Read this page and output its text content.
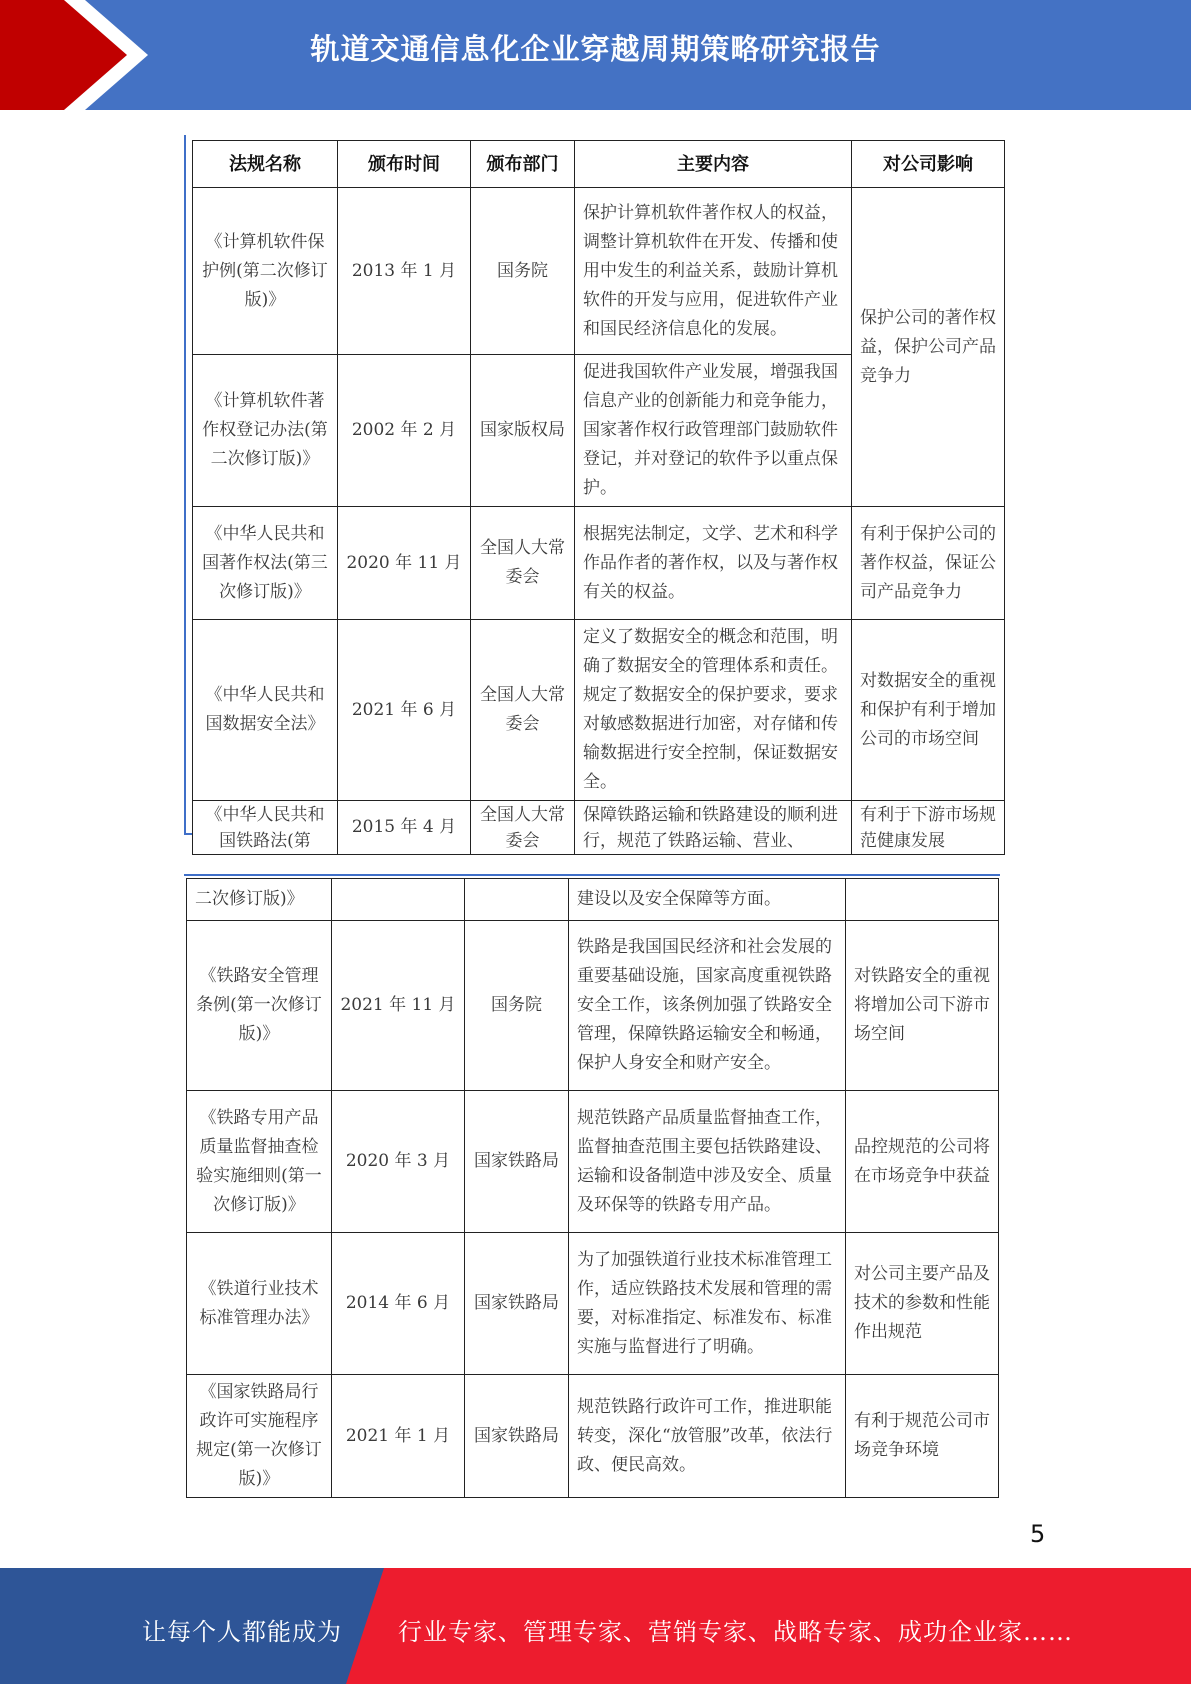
轨道交通信息化企业穿越周期策略研究报告
法规名称	颁布时间	颁布部门	主要内容	对公司影响
《计算机软件保护例(第二次修订版)》	2013 年 1 月	国务院	保护计算机软件著作权人的权益，调整计算机软件在开发、传播和使用中发生的利益关系，鼓励计算机软件的开发与应用，促进软件产业和国民经济信息化的发展。	保护公司的著作权益，保护公司产品竞争力
《计算机软件著作权登记办法(第二次修订版)》	2002 年 2 月	国家版权局	促进我国软件产业发展，增强我国信息产业的创新能力和竞争能力，国家著作权行政管理部门鼓励软件登记，并对登记的软件予以重点保护。	
《中华人民共和国著作权法(第三次修订版)》	2020 年 11 月	全国人大常委会	根据宪法制定，文学、艺术和科学作品作者的著作权，以及与著作权有关的权益。	有利于保护公司的著作权益，保证公司产品竞争力
《中华人民共和国数据安全法》	2021 年 6 月	全国人大常委会	定义了数据安全的概念和范围，明确了数据安全的管理体系和责任。规定了数据安全的保护要求，要求对敏感数据进行加密，对存储和传输数据进行安全控制，保证数据安全。	对数据安全的重视和保护有利于增加公司的市场空间
《中华人民共和国铁路法(第	2015 年 4 月	全国人大常委会	保障铁路运输和铁路建设的顺利进行，规范了铁路运输、营业、	有利于下游市场规范健康发展
二次修订版)》			建设以及安全保障等方面。	
《铁路安全管理条例(第一次修订版)》	2021 年 11 月	国务院	铁路是我国国民经济和社会发展的重要基础设施，国家高度重视铁路安全工作，该条例加强了铁路安全管理，保障铁路运输安全和畅通，保护人身安全和财产安全。	对铁路安全的重视将增加公司下游市场空间
《铁路专用产品质量监督抽查检验实施细则(第一次修订版)》	2020 年 3 月	国家铁路局	规范铁路产品质量监督抽查工作，监督抽查范围主要包括铁路建设、运输和设备制造中涉及安全、质量及环保等的铁路专用产品。	品控规范的公司将在市场竞争中获益
《铁道行业技术标准管理办法》	2014 年 6 月	国家铁路局	为了加强铁道行业技术标准管理工作，适应铁路技术发展和管理的需要，对标准指定、标准发布、标准实施与监督进行了明确。	对公司主要产品及技术的参数和性能作出规范
《国家铁路局行政许可实施程序规定(第一次修订版)》	2021 年 1 月	国家铁路局	规范铁路行政许可工作，推进职能转变，深化“放管服”改革，依法行政、便民高效。	有利于规范公司市场竞争环境
5
让每个人都能成为 行业专家、管理专家、营销专家、战略专家、成功企业家……
